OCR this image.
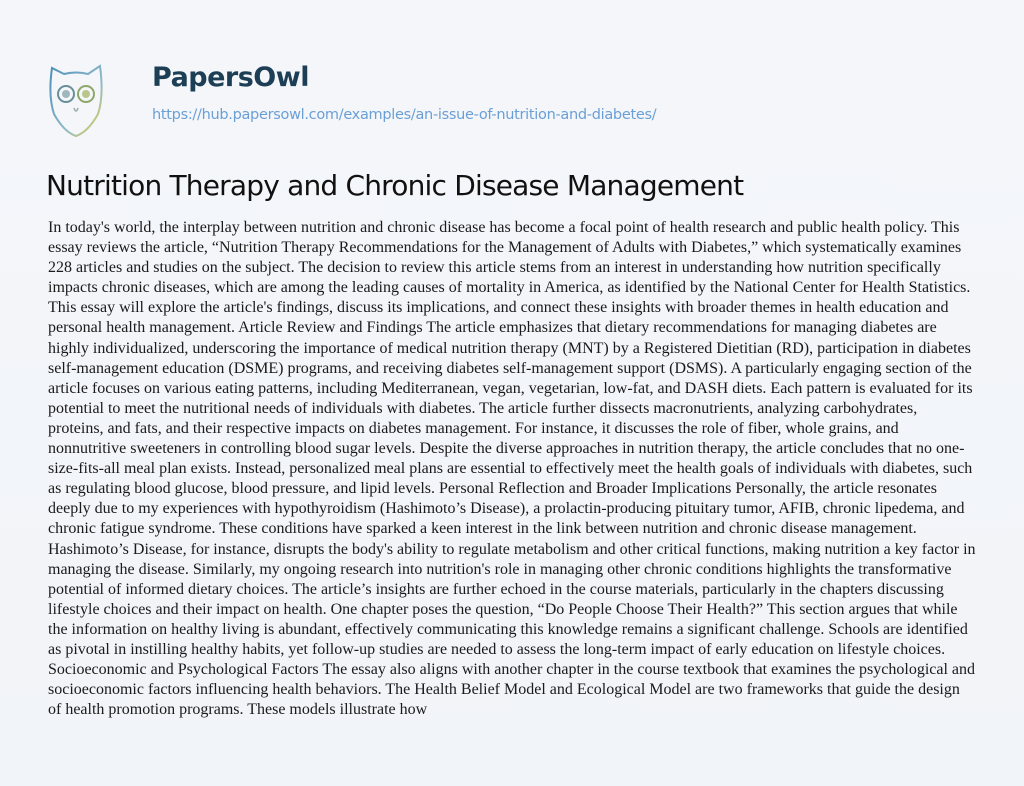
PapersOwl
https://hub.papersowl.com/examples/an-issue-of-nutrition-and-diabetes/
Nutrition Therapy and Chronic Disease Management
In today's world, the interplay between nutrition and chronic disease has become a focal point of health research and public health policy. This
essay reviews the article, “Nutrition Therapy Recommendations for the Management of Adults with Diabetes,” which systematically examines
228 articles and studies on the subject. The decision to review this article stems from an interest in understanding how nutrition specifically
impacts chronic diseases, which are among the leading causes of mortality in America, as identified by the National Center for Health Statistics.
This essay will explore the article's findings, discuss its implications, and connect these insights with broader themes in health education and
personal health management. Article Review and Findings The article emphasizes that dietary recommendations for managing diabetes are
highly individualized, underscoring the importance of medical nutrition therapy (MNT) by a Registered Dietitian (RD), participation in diabetes
self-management education (DSME) programs, and receiving diabetes self-management support (DSMS). A particularly engaging section of the
article focuses on various eating patterns, including Mediterranean, vegan, vegetarian, low-fat, and DASH diets. Each pattern is evaluated for its
potential to meet the nutritional needs of individuals with diabetes. The article further dissects macronutrients, analyzing carbohydrates,
proteins, and fats, and their respective impacts on diabetes management. For instance, it discusses the role of fiber, whole grains, and
nonnutritive sweeteners in controlling blood sugar levels. Despite the diverse approaches in nutrition therapy, the article concludes that no one-
size-fits-all meal plan exists. Instead, personalized meal plans are essential to effectively meet the health goals of individuals with diabetes, such
as regulating blood glucose, blood pressure, and lipid levels. Personal Reflection and Broader Implications Personally, the article resonates
deeply due to my experiences with hypothyroidism (Hashimoto’s Disease), a prolactin-producing pituitary tumor, AFIB, chronic lipedema, and
chronic fatigue syndrome. These conditions have sparked a keen interest in the link between nutrition and chronic disease management.
Hashimoto’s Disease, for instance, disrupts the body's ability to regulate metabolism and other critical functions, making nutrition a key factor in
managing the disease. Similarly, my ongoing research into nutrition's role in managing other chronic conditions highlights the transformative
potential of informed dietary choices. The article’s insights are further echoed in the course materials, particularly in the chapters discussing
lifestyle choices and their impact on health. One chapter poses the question, “Do People Choose Their Health?” This section argues that while
the information on healthy living is abundant, effectively communicating this knowledge remains a significant challenge. Schools are identified
as pivotal in instilling healthy habits, yet follow-up studies are needed to assess the long-term impact of early education on lifestyle choices.
Socioeconomic and Psychological Factors The essay also aligns with another chapter in the course textbook that examines the psychological and
socioeconomic factors influencing health behaviors. The Health Belief Model and Ecological Model are two frameworks that guide the design
of health promotion programs. These models illustrate how
